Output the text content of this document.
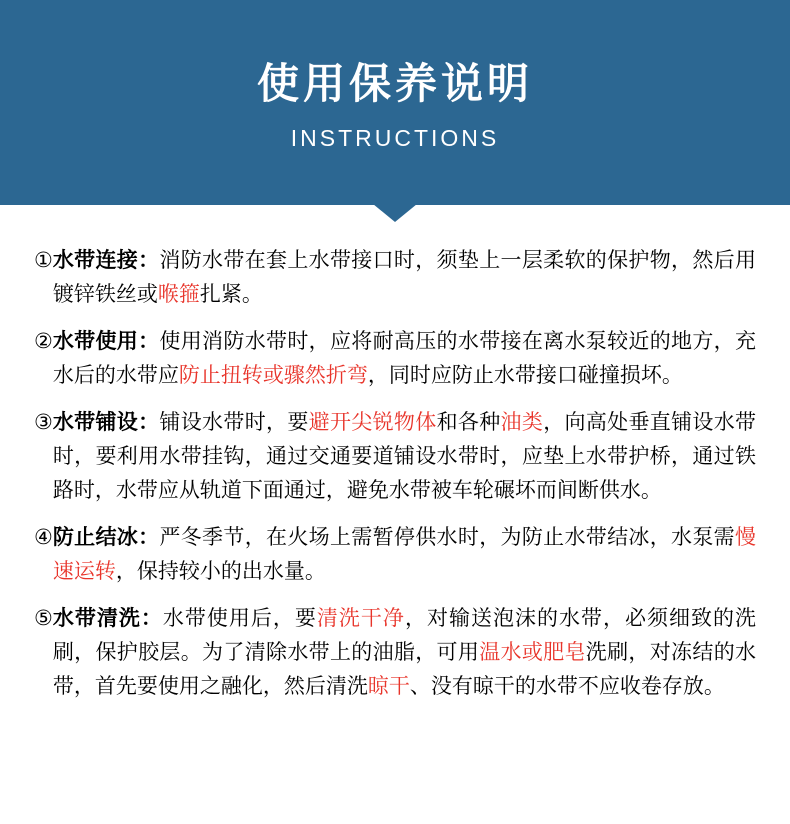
使用保养说明
INSTRUCTIONS
① 水带连接：消防水带在套上水带接口时，须垫上一层柔软的保护物，然后用镀锌铁丝或喉箍扎紧。
② 水带使用：使用消防水带时，应将耐高压的水带接在离水泵较近的地方，充水后的水带应防止扭转或骤然折弯，同时应防止水带接口碰撞损坏。
③ 水带铺设：铺设水带时，要避开尖锐物体和各种油类，向高处垂直铺设水带时，要利用水带挂钩，通过交通要道铺设水带时，应垫上水带护桥，通过铁路时，水带应从轨道下面通过，避免水带被车轮碾坏而间断供水。
④ 防止结冰：严冬季节，在火场上需暂停供水时，为防止水带结冰，水泵需慢速运转，保持较小的出水量。
⑤ 水带清洗：水带使用后，要清洗干净，对输送泡沫的水带，必须细致的洗刷，保护胶层。为了清除水带上的油脂，可用温水或肥皂洗刷，对冻结的水带，首先要使用之融化，然后清洗晾干、没有晾干的水带不应收卷存放。
